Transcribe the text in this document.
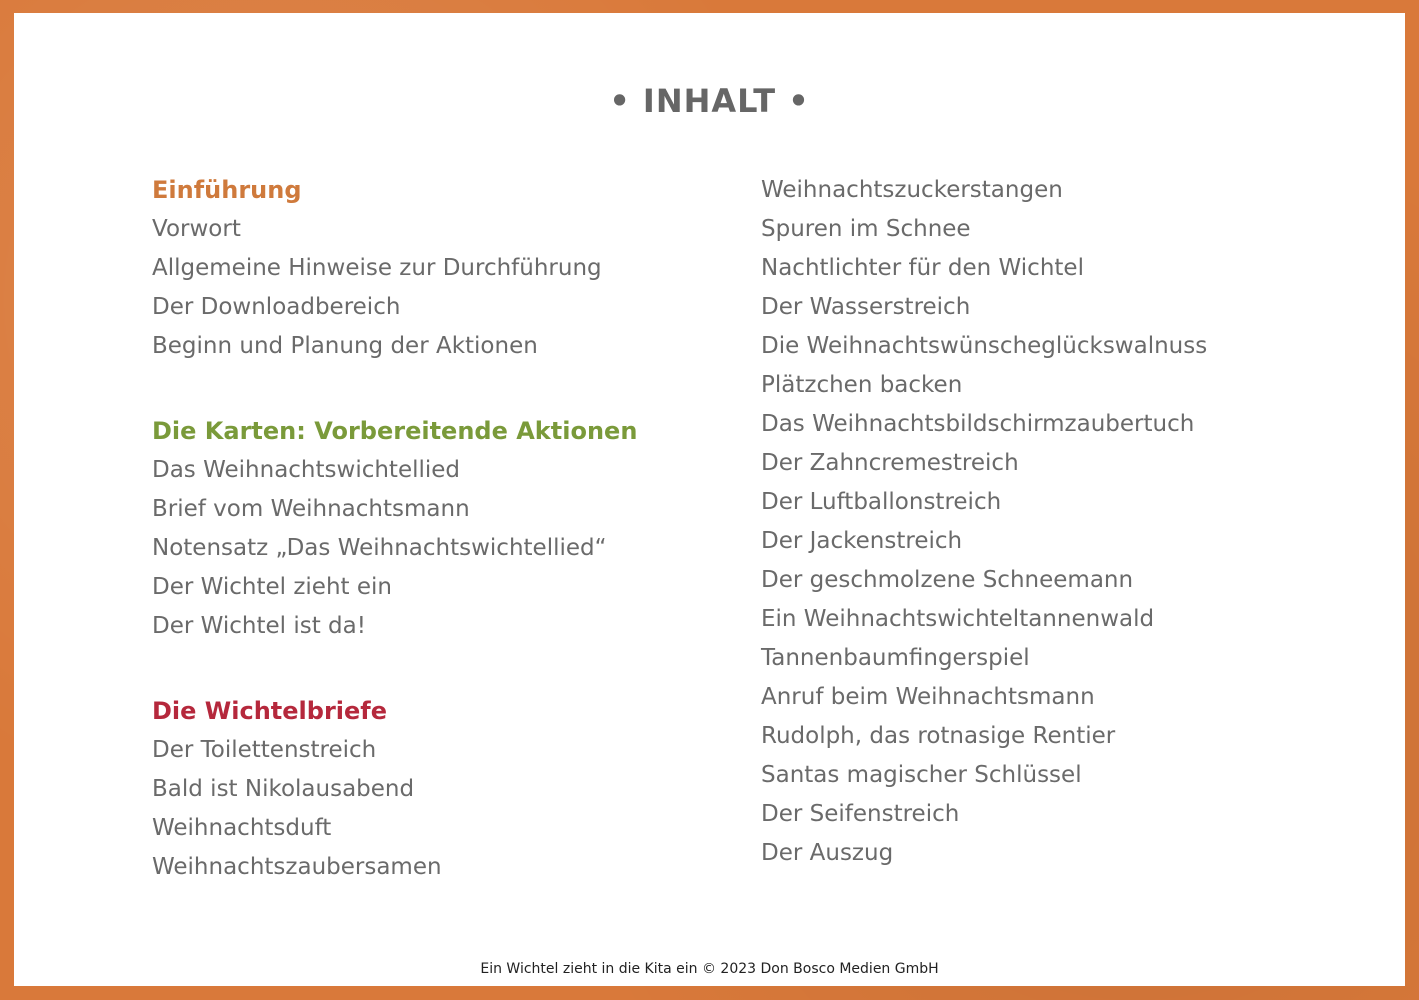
• INHALT •
Einführung
Vorwort
Allgemeine Hinweise zur Durchführung
Der Downloadbereich
Beginn und Planung der Aktionen
Die Karten: Vorbereitende Aktionen
Das Weihnachtswichtellied
Brief vom Weihnachtsmann
Notensatz „Das Weihnachtswichtellied“
Der Wichtel zieht ein
Der Wichtel ist da!
Die Wichtelbriefe
Der Toilettenstreich
Bald ist Nikolausabend
Weihnachtsduft
Weihnachtszaubersamen
Weihnachtszuckerstangen
Spuren im Schnee
Nachtlichter für den Wichtel
Der Wasserstreich
Die Weihnachtswünscheglückswalnuss
Plätzchen backen
Das Weihnachtsbildschirmzaubertuch
Der Zahncremestreich
Der Luftballonstreich
Der Jackenstreich
Der geschmolzene Schneemann
Ein Weihnachtswichteltannenwald
Tannenbaumfingerspiel
Anruf beim Weihnachtsmann
Rudolph, das rotnasige Rentier
Santas magischer Schlüssel
Der Seifenstreich
Der Auszug
Ein Wichtel zieht in die Kita ein © 2023 Don Bosco Medien GmbH
